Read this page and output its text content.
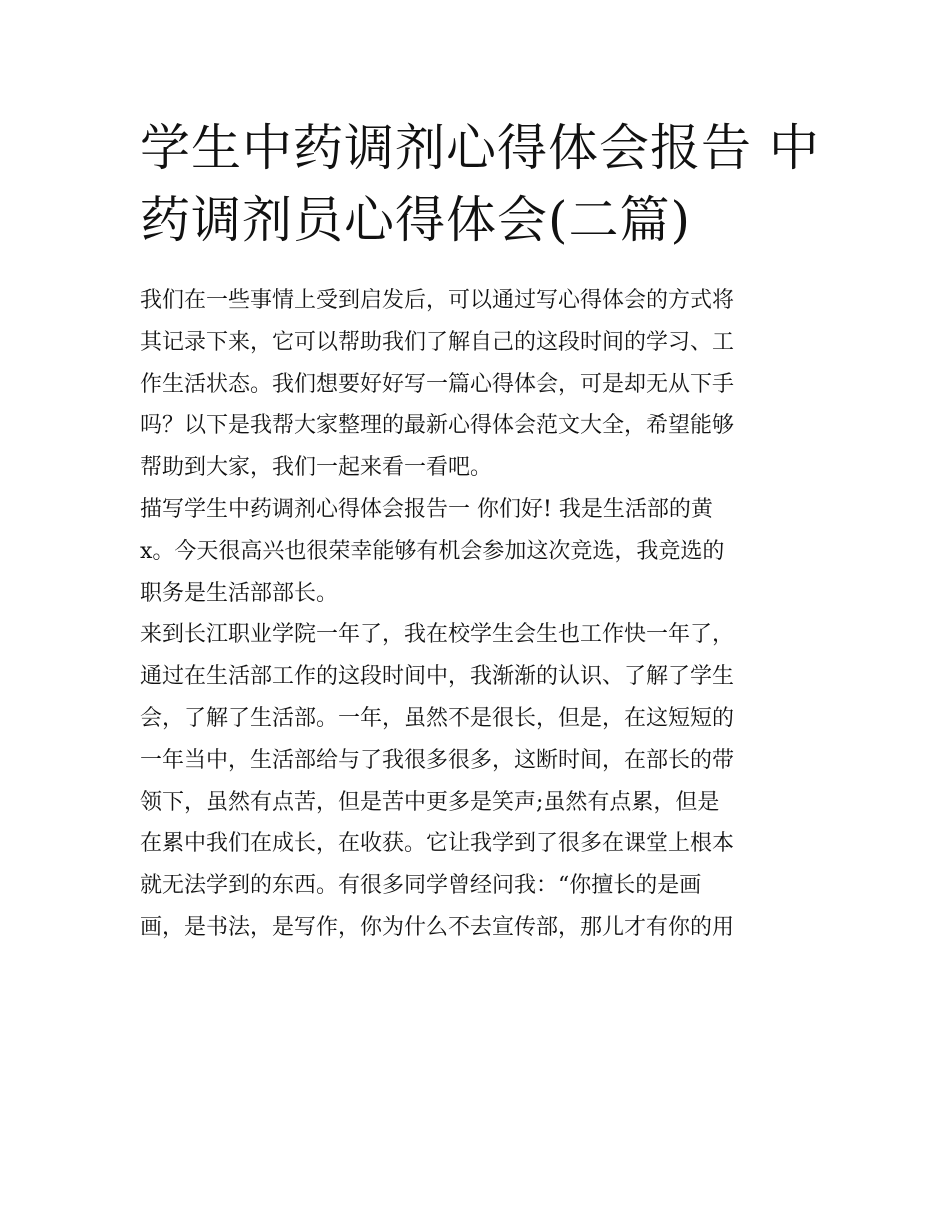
学生中药调剂心得体会报告 中
药调剂员心得体会(二篇)
我们在一些事情上受到启发后，可以通过写心得体会的方式将
其记录下来，它可以帮助我们了解自己的这段时间的学习、工
作生活状态。我们想要好好写一篇心得体会，可是却无从下手
吗？以下是我帮大家整理的最新心得体会范文大全，希望能够
帮助到大家，我们一起来看一看吧。
描写学生中药调剂心得体会报告一 你们好! 我是生活部的黄
x。今天很高兴也很荣幸能够有机会参加这次竞选，我竞选的
职务是生活部部长。
来到长江职业学院一年了，我在校学生会生也工作快一年了，
通过在生活部工作的这段时间中，我渐渐的认识、了解了学生
会，了解了生活部。一年，虽然不是很长，但是，在这短短的
一年当中，生活部给与了我很多很多，这断时间，在部长的带
领下，虽然有点苦，但是苦中更多是笑声;虽然有点累，但是
在累中我们在成长，在收获。它让我学到了很多在课堂上根本
就无法学到的东西。有很多同学曾经问我：“你擅长的是画
画，是书法，是写作，你为什么不去宣传部，那儿才有你的用
